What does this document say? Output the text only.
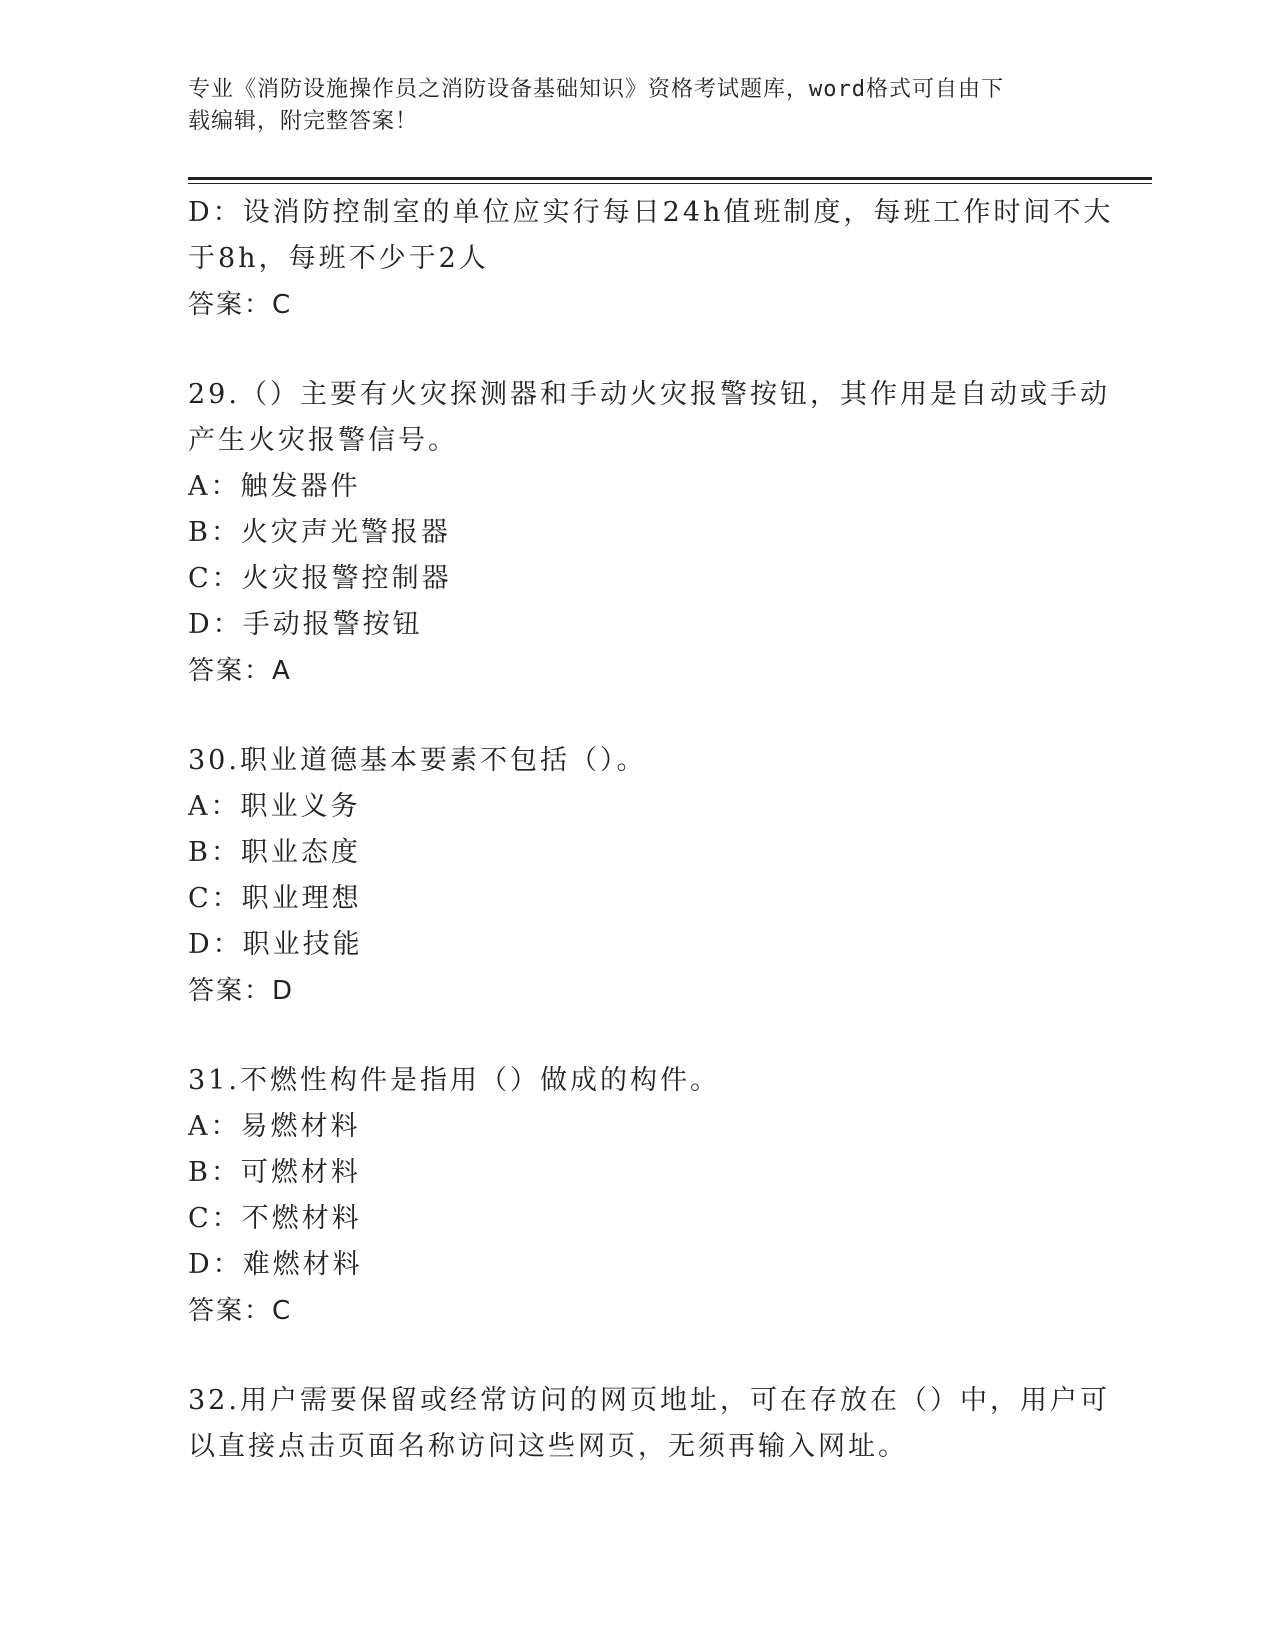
专业《消防设施操作员之消防设备基础知识》资格考试题库，word格式可自由下
载编辑，附完整答案！
D：设消防控制室的单位应实行每日24h值班制度，每班工作时间不大
于8h，每班不少于2人
答案：C
29.（）主要有火灾探测器和手动火灾报警按钮，其作用是自动或手动
产生火灾报警信号。
A：触发器件
B：火灾声光警报器
C：火灾报警控制器
D：手动报警按钮
答案：A
30.职业道德基本要素不包括（）。
A：职业义务
B：职业态度
C：职业理想
D：职业技能
答案：D
31.不燃性构件是指用（）做成的构件。
A：易燃材料
B：可燃材料
C：不燃材料
D：难燃材料
答案：C
32.用户需要保留或经常访问的网页地址，可在存放在（）中，用户可
以直接点击页面名称访问这些网页，无须再输入网址。
